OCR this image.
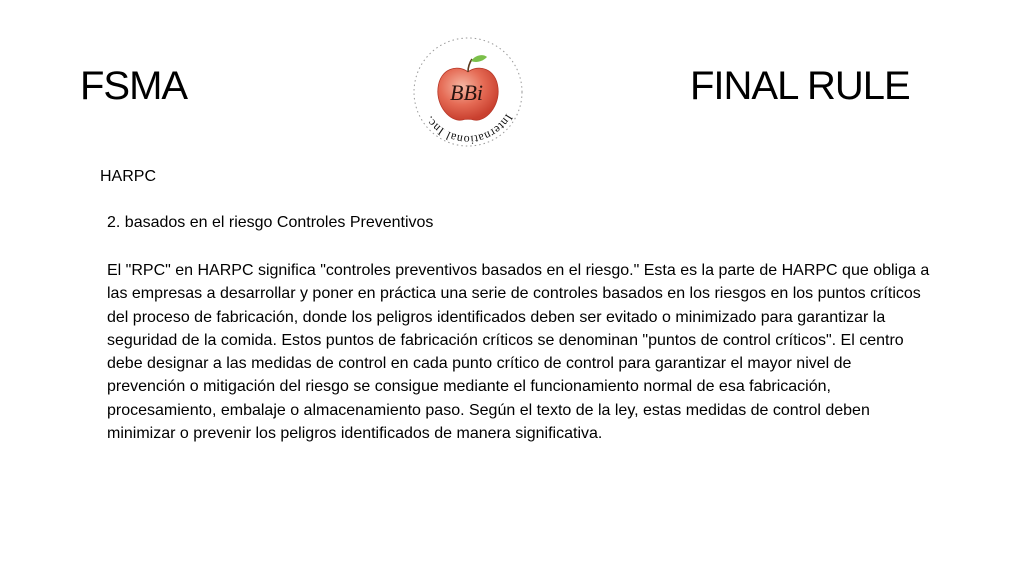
FSMA	BBi
International Inc.
FINAL RULE
HARPC
2. basados en el riesgo Controles Preventivos
El "RPC" en HARPC significa "controles preventivos basados en el riesgo." Esta es la parte de HARPC que obliga a
las empresas a desarrollar y poner en práctica una serie de controles basados en los riesgos en los puntos críticos
del proceso de fabricación, donde los peligros identificados deben ser evitado o minimizado para garantizar la
seguridad de la comida. Estos puntos de fabricación críticos se denominan "puntos de control críticos". El centro
debe designar a las medidas de control en cada punto crítico de control para garantizar el mayor nivel de
prevención o mitigación del riesgo se consigue mediante el funcionamiento normal de esa fabricación,
procesamiento, embalaje o almacenamiento paso. Según el texto de la ley, estas medidas de control deben
minimizar o prevenir los peligros identificados de manera significativa.
